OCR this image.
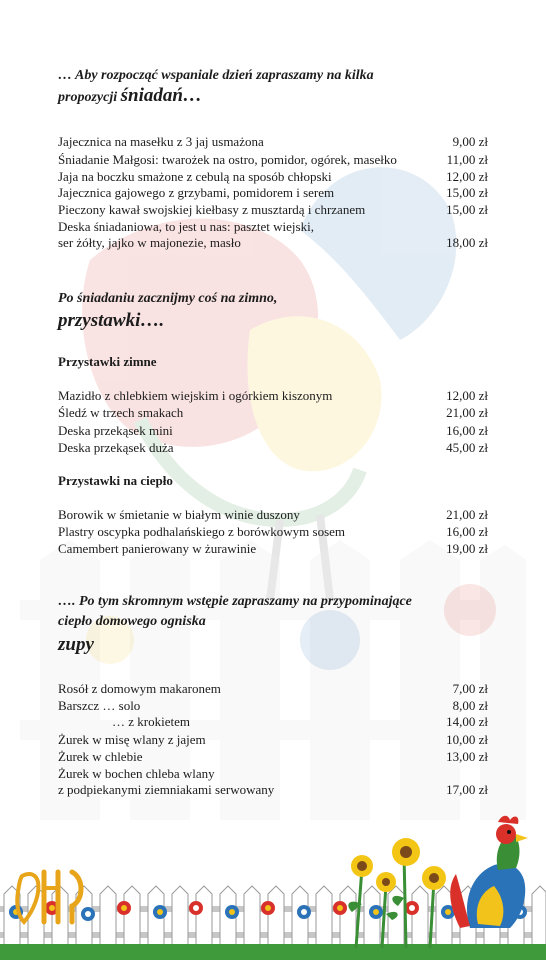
… Aby rozpocząć wspaniale dzień zapraszamy na kilka
propozycji śniadań…
Jajecznica na masełku z 3 jaj usmażona	9,00 zł
Śniadanie Małgosi: twarożek na ostro, pomidor, ogórek, masełko	11,00 zł
Jaja na boczku smażone z cebulą na sposób chłopski	12,00 zł
Jajecznica gajowego z grzybami, pomidorem i serem	15,00 zł
Pieczony kawał swojskiej kiełbasy z musztardą i chrzanem	15,00 zł
Deska śniadaniowa, to jest u nas: pasztet wiejski,
ser żółty, jajko w majonezie, masło	18,00 zł
Po śniadaniu zacznijmy coś na zimno,
przystawki….
Przystawki zimne
Mazidło z chlebkiem wiejskim i ogórkiem kiszonym	12,00 zł
Śledź w trzech smakach	21,00 zł
Deska przekąsek mini	16,00 zł
Deska przekąsek duża	45,00 zł
Przystawki na ciepło
Borowik w śmietanie w białym winie duszony	21,00 zł
Plastry oscypka podhalańskiego z borówkowym sosem	16,00 zł
Camembert panierowany w żurawinie	19,00 zł
…. Po tym skromnym wstępie zapraszamy na przypominające
ciepło domowego ogniska
zupy
Rosół z domowym makaronem	7,00 zł
Barszcz … solo	8,00 zł
… z krokietem	14,00 zł
Żurek w misę wlany z jajem	10,00 zł
Żurek w chlebie	13,00 zł
Żurek w bochen chleba wlany
z podpiekanymi ziemniakami serwowany	17,00 zł
